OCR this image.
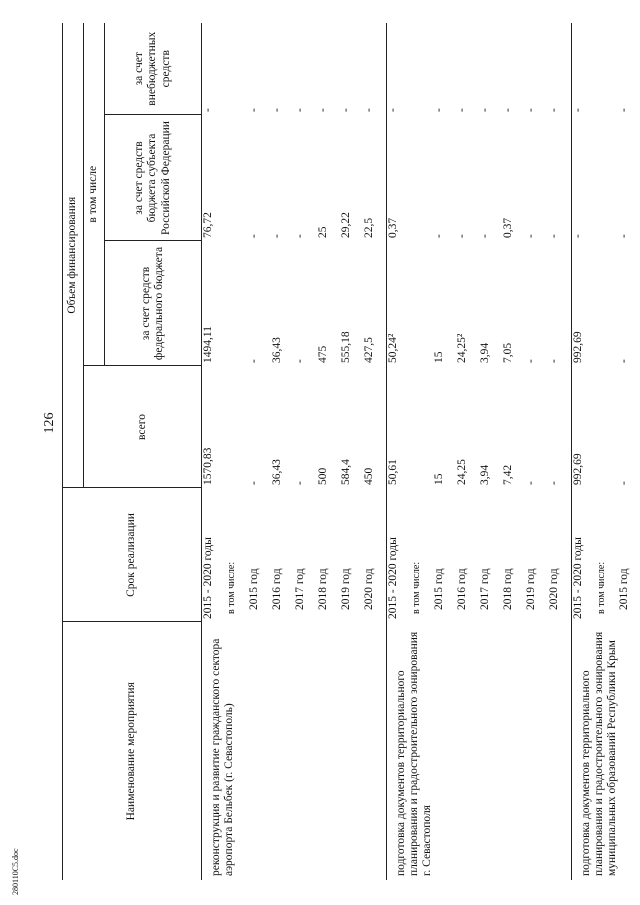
126
280110C5.doc
Наименование мероприятия	Срок реализации	Объем финансирования			
		всего	в том числе		
			за счет средств федерального бюджета	за счет средств бюджета субъекта Российской Федерации	за счет внебюджетных средств
реконструкция и развитие гражданского сектора аэропорта Бельбек (г. Севастополь)	2015 - 2020 годы	1570,83	1494,11	76,72	-
	в том числе:				
	2015 год	-	-	-	-
	2016 год	36,43	36,43	-	-
	2017 год	-	-	-	-
	2018 год	500	475	25	-
	2019 год	584,4	555,18	29,22	-
	2020 год	450	427,5	22,5	-
подготовка документов территориального планирования и градостроительного зонирования г. Севастополя	2015 - 2020 годы	50,61	50,24²	0,37	-
	в том числе:				
	2015 год	15	15	-	-
	2016 год	24,25	24,25²	-	-
	2017 год	3,94	3,94	-	-
	2018 год	7,42	7,05	0,37	-
	2019 год	-	-	-	-
	2020 год	-	-	-	-
подготовка документов территориального планирования и градостроительного зонирования муниципальных образований Республики Крым	2015 - 2020 годы	992,69	992,69	-	-
	в том числе:				
	2015 год	-	-	-	-
